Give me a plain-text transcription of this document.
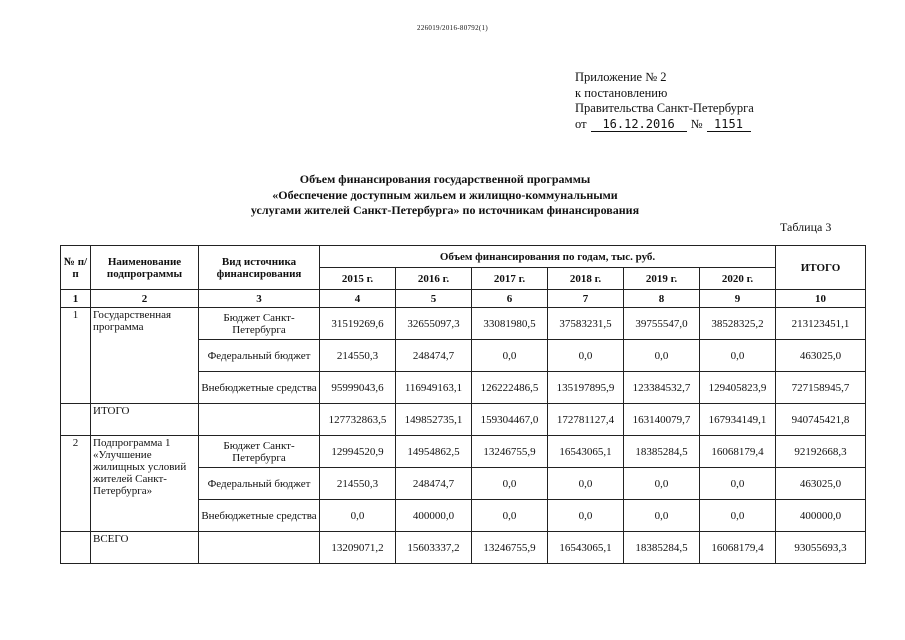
226019/2016-80792(1)
Приложение № 2
к постановлению
Правительства Санкт-Петербурга
от 16.12.2016 № 1151
Объем финансирования государственной программы
«Обеспечение доступным жильем и жилищно-коммунальными
услугами жителей Санкт-Петербурга» по источникам финансирования
Таблица 3
№ п/п	Наименование подпрограммы	Вид источника финансирования	Объем финансирования по годам, тыс. руб.						ИТОГО
			2015 г.	2016 г.	2017 г.	2018 г.	2019 г.	2020 г.	
1	2	3	4	5	6	7	8	9	10
1	Государственная программа	Бюджет Санкт-Петербурга	31519269,6	32655097,3	33081980,5	37583231,5	39755547,0	38528325,2	213123451,1
		Федеральный бюджет	214550,3	248474,7	0,0	0,0	0,0	0,0	463025,0
		Внебюджетные средства	95999043,6	116949163,1	126222486,5	135197895,9	123384532,7	129405823,9	727158945,7
	ИТОГО		127732863,5	149852735,1	159304467,0	172781127,4	163140079,7	167934149,1	940745421,8
2	Подпрограмма 1 «Улучшение жилищных условий жителей Санкт-Петербурга»	Бюджет Санкт-Петербурга	12994520,9	14954862,5	13246755,9	16543065,1	18385284,5	16068179,4	92192668,3
		Федеральный бюджет	214550,3	248474,7	0,0	0,0	0,0	0,0	463025,0
		Внебюджетные средства	0,0	400000,0	0,0	0,0	0,0	0,0	400000,0
	ВСЕГО		13209071,2	15603337,2	13246755,9	16543065,1	18385284,5	16068179,4	93055693,3
